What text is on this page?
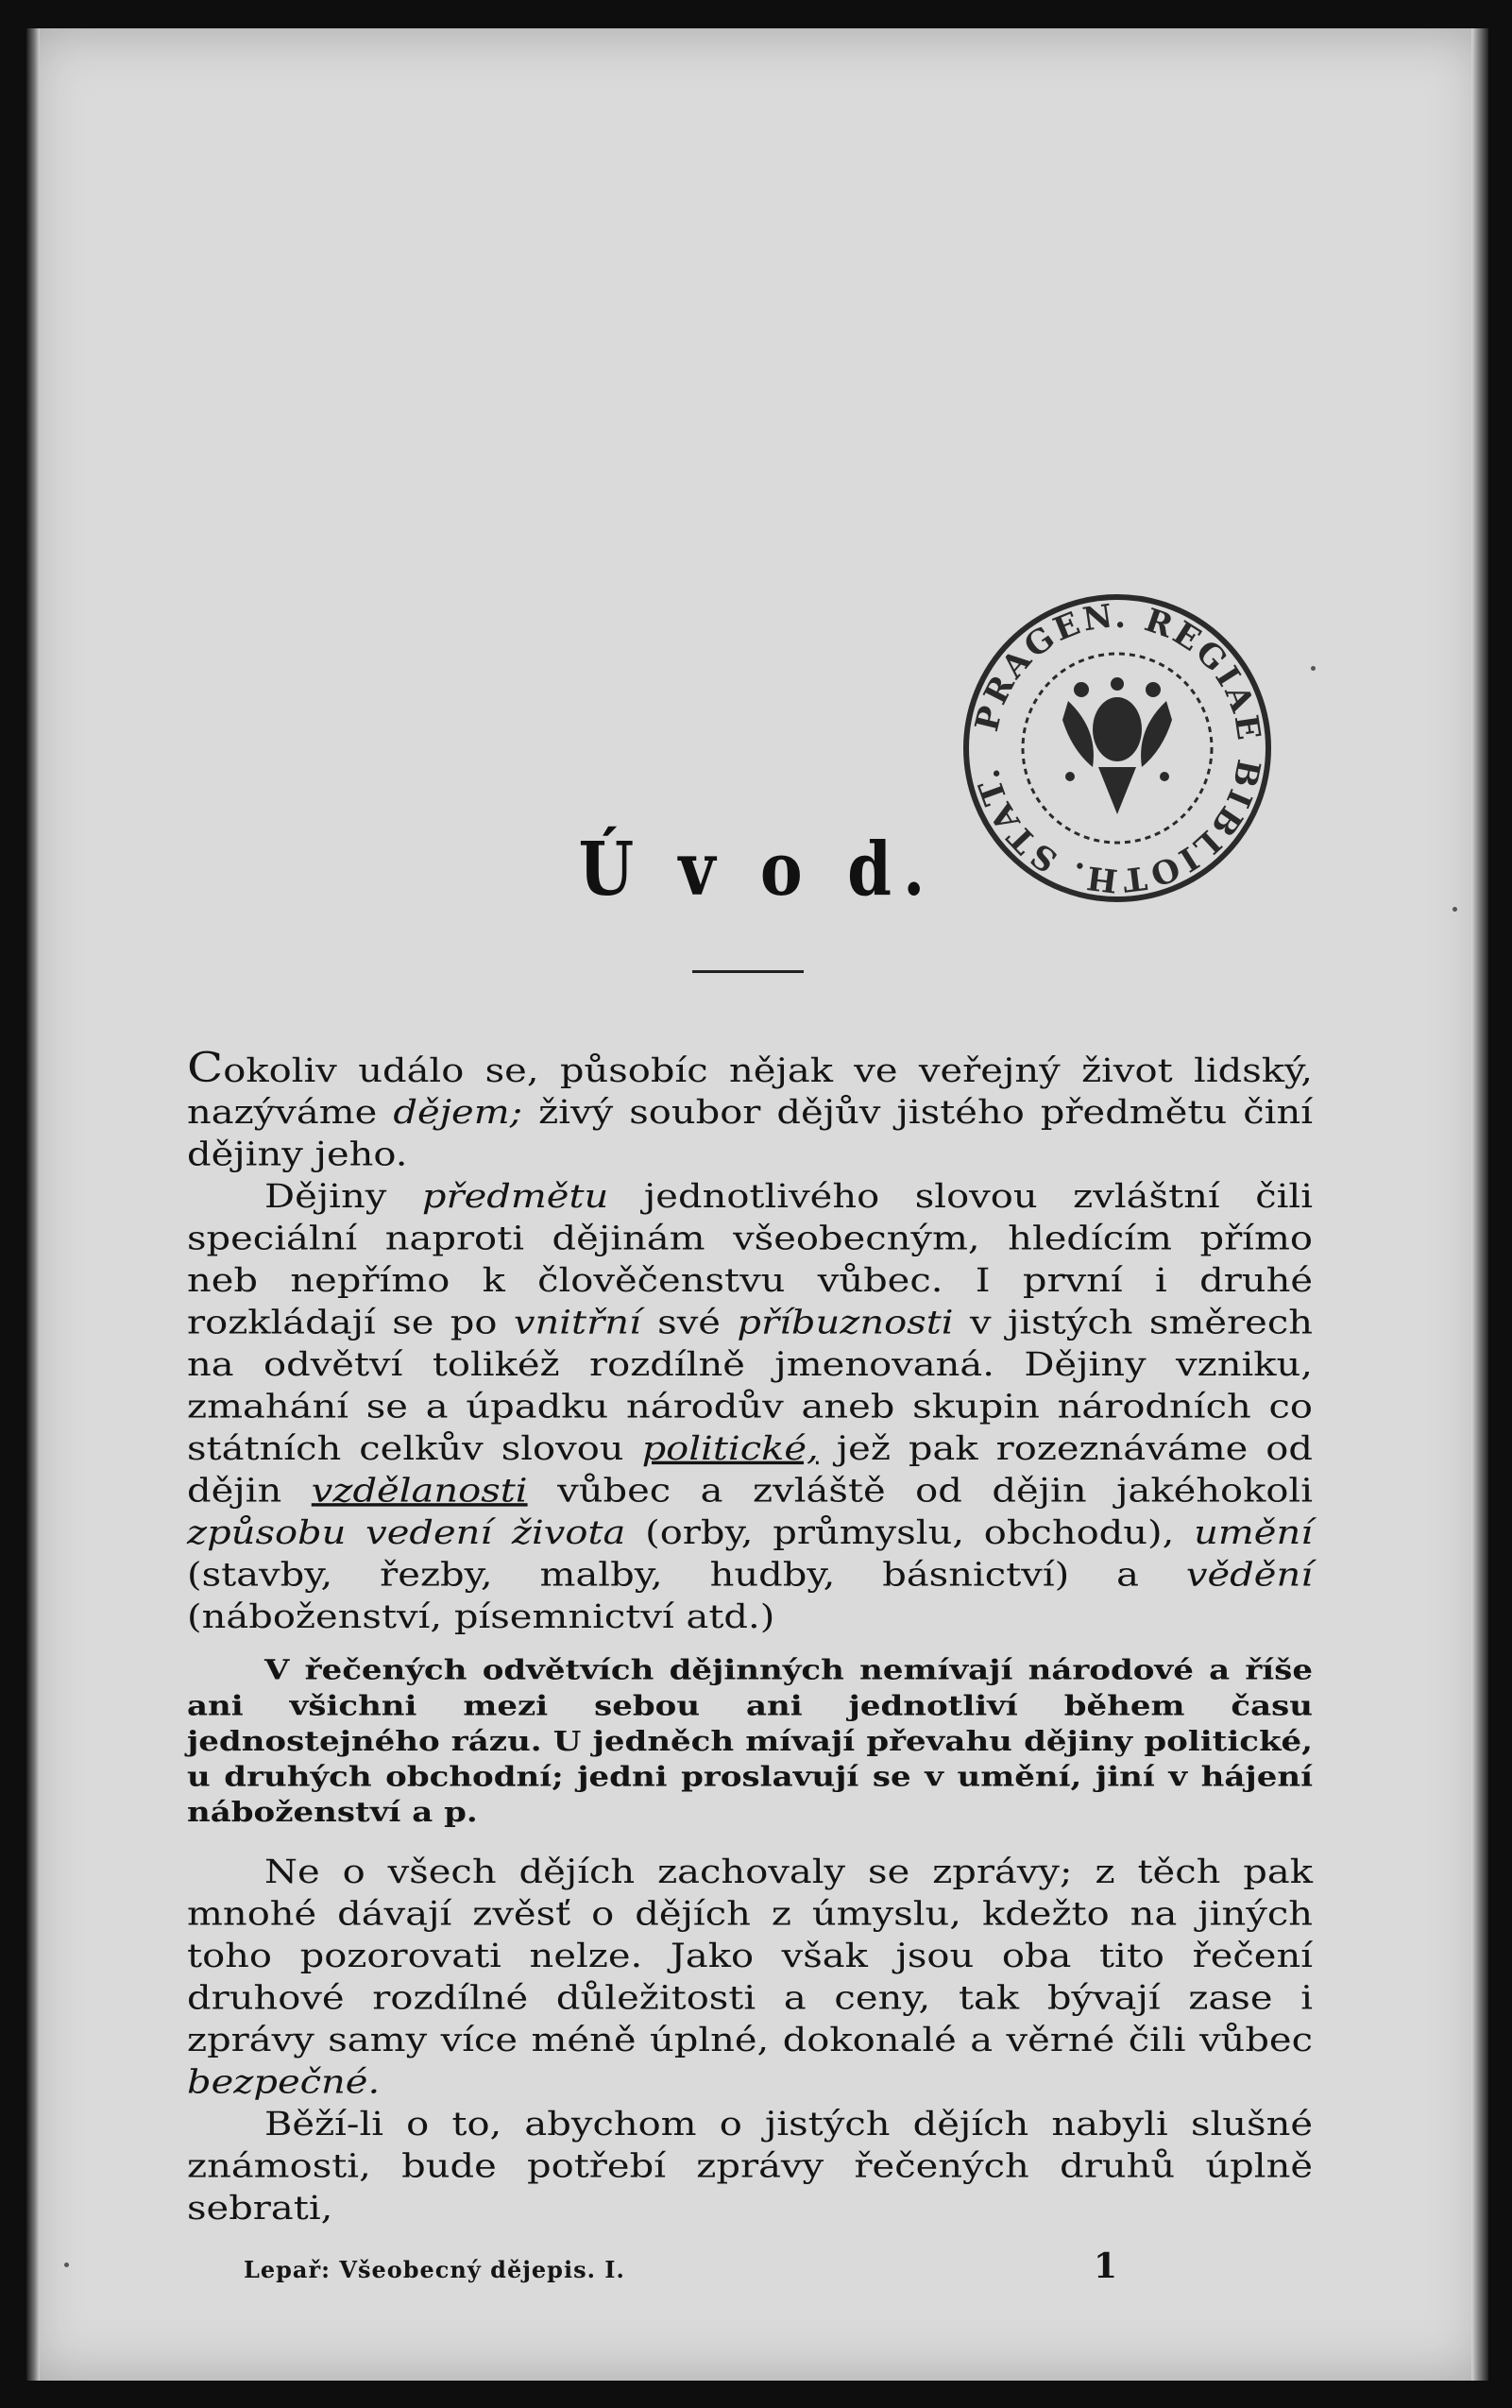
PRAGEN. REGIAE BIBLIOTH. STAT.
Ú v o d.

Cokoliv událo se, působíc nějak ve veřejný život lidský, nazýváme dějem; živý soubor dějův jistého předmětu činí dějiny jeho.

Dějiny předmětu jednotlivého slovou zvláštní čili speciální naproti dějinám všeobecným, hledícím přímo neb nepřímo k člověčenstvu vůbec. I první i druhé rozkládají se po vnitřní své příbuznosti v jistých směrech na odvětví tolikéž rozdílně jmenovaná. Dějiny vzniku, zmahání se a úpadku národův aneb skupin národních co státních celkův slovou politické, jež pak rozeznáváme od dějin vzdělanosti vůbec a zvláště od dějin jakéhokoli způsobu vedení života (orby, průmyslu, obchodu), umění (stavby, řezby, malby, hudby, básnictví) a vědění (náboženství, písemnictví atd.)

V řečených odvětvích dějinných nemívají národové a říše ani všichni mezi sebou ani jednotliví během času jednostejného rázu. U jedněch mívají převahu dějiny politické, u druhých obchodní; jedni proslavují se v umění, jiní v hájení náboženství a p.

Ne o všech dějích zachovaly se zprávy; z těch pak mnohé dávají zvěsť o dějích z úmyslu, kdežto na jiných toho pozorovati nelze. Jako však jsou oba tito řečení druhové rozdílné důležitosti a ceny, tak bývají zase i zprávy samy více méně úplné, dokonalé a věrné čili vůbec bezpečné.

Běží-li o to, abychom o jistých dějích nabyli slušné známosti, bude potřebí zprávy řečených druhů úplně sebrati,

Lepař: Všeobecný dějepis. I.	1
